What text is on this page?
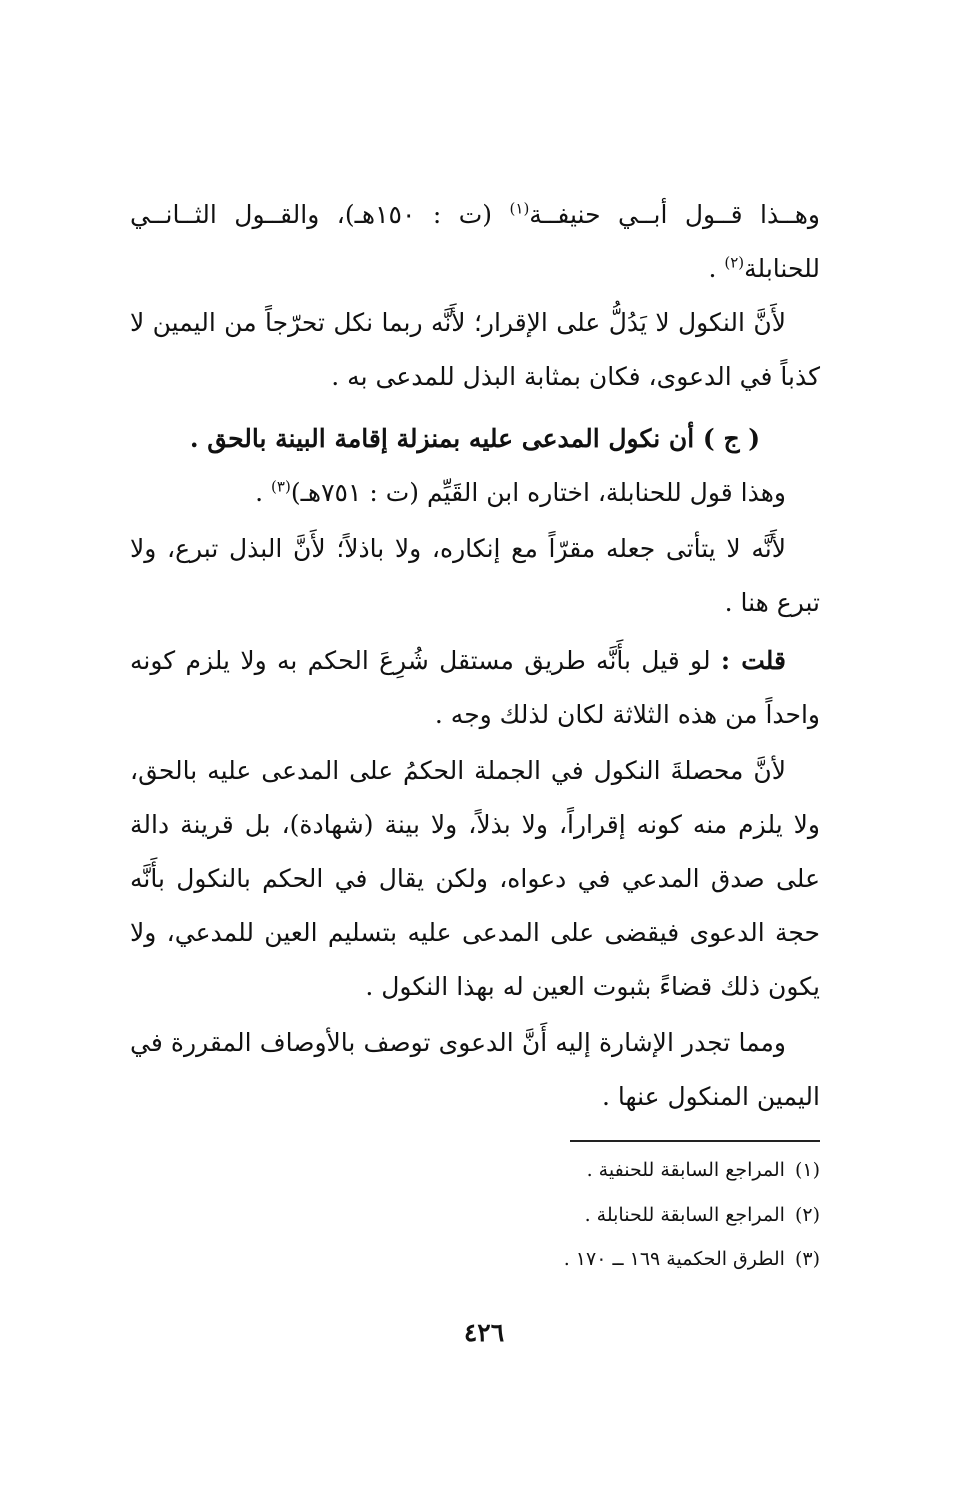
وهــذا قــول أبــي حنيفــة$^{(١)}$ (ت : ١٥٠هـ)، والقــول الثــانــي للحنابلة$^{(٢)}$ .

لأَنَّ النكول لا يَدُلُّ على الإقرار؛ لأَنَّه ربما نكل تحرّجاً من اليمين لا كذباً في الدعوى، فكان بمثابة البذل للمدعى به .

( ج ) أن نكول المدعى عليه بمنزلة إقامة البينة بالحق .

وهذا قول للحنابلة، اختاره ابن القَيِّم (ت : ٧٥١هـ)$^{(٣)}$ .

لأَنَّه لا يتأتى جعله مقرّاً مع إنكاره، ولا باذلاً؛ لأَنَّ البذل تبرع، ولا تبرع هنا .

قلت : لو قيل بأَنَّه طريق مستقل شُرِعَ الحكم به ولا يلزم كونه واحداً من هذه الثلاثة لكان لذلك وجه .

لأنَّ محصلةَ النكول في الجملة الحكمُ على المدعى عليه بالحق، ولا يلزم منه كونه إقراراً، ولا بذلاً، ولا بينة (شهادة)، بل قرينة دالة على صدق المدعي في دعواه، ولكن يقال في الحكم بالنكول بأَنَّه حجة الدعوى فيقضى على المدعى عليه بتسليم العين للمدعي، ولا يكون ذلك قضاءً بثبوت العين له بهذا النكول .

ومما تجدر الإشارة إليه أَنَّ الدعوى توصف بالأوصاف المقررة في اليمين المنكول عنها .

(١)المراجع السابقة للحنفية .

(٢)المراجع السابقة للحنابلة .

(٣)الطرق الحكمية ١٦٩ ــ ١٧٠ .

٤٢٦
